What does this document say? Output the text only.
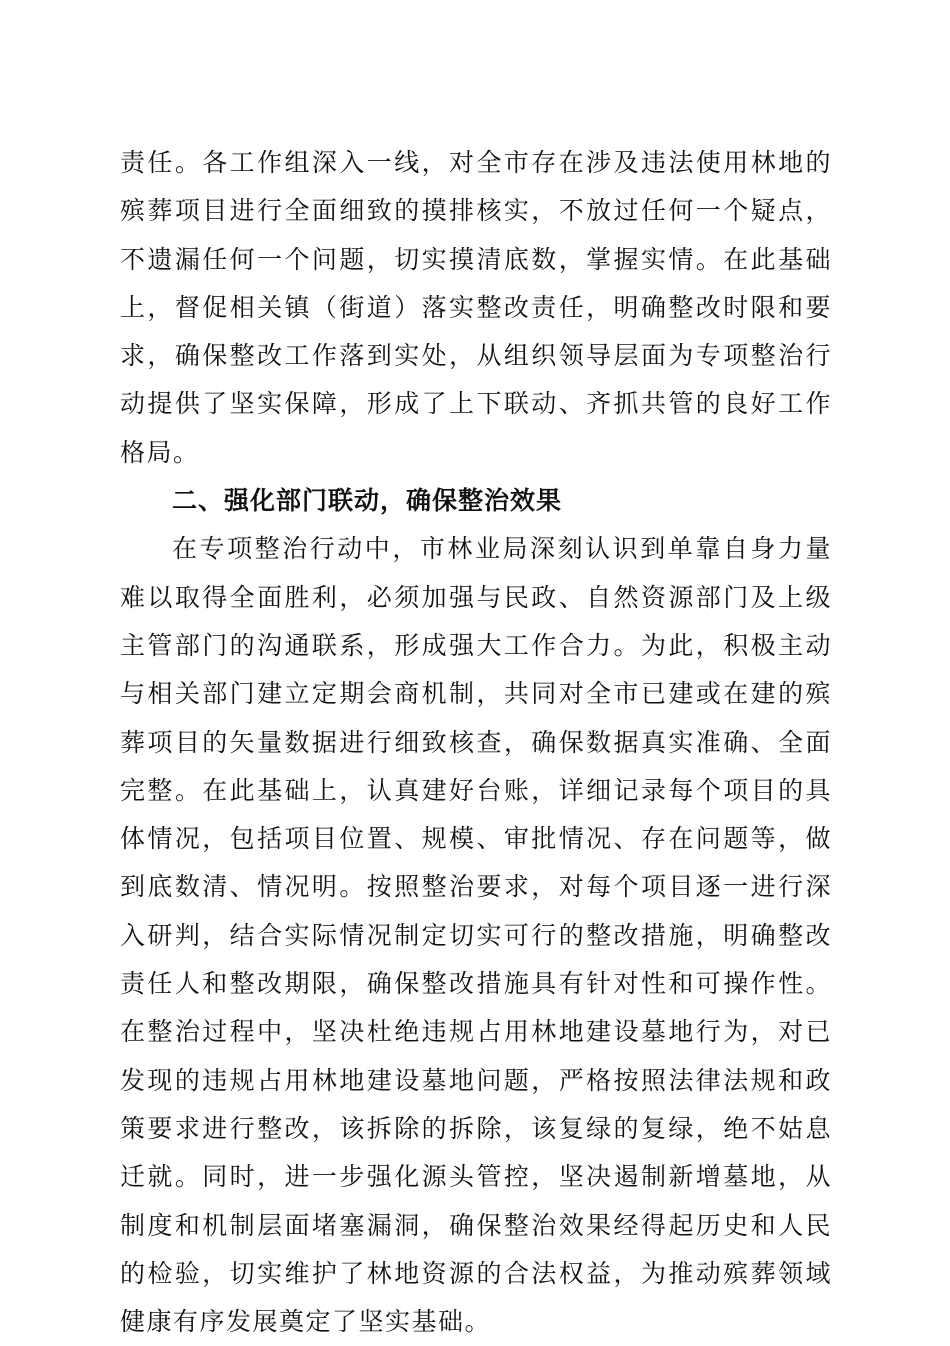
责任。各工作组深入一线，对全市存在涉及违法使用林地的殡葬项目进行全面细致的摸排核实，不放过任何一个疑点，不遗漏任何一个问题，切实摸清底数，掌握实情。在此基础上，督促相关镇（街道）落实整改责任，明确整改时限和要求，确保整改工作落到实处，从组织领导层面为专项整治行动提供了坚实保障，形成了上下联动、齐抓共管的良好工作格局。

二、强化部门联动，确保整治效果

在专项整治行动中，市林业局深刻认识到单靠自身力量难以取得全面胜利，必须加强与民政、自然资源部门及上级主管部门的沟通联系，形成强大工作合力。为此，积极主动与相关部门建立定期会商机制，共同对全市已建或在建的殡葬项目的矢量数据进行细致核查，确保数据真实准确、全面完整。在此基础上，认真建好台账，详细记录每个项目的具体情况，包括项目位置、规模、审批情况、存在问题等，做到底数清、情况明。按照整治要求，对每个项目逐一进行深入研判，结合实际情况制定切实可行的整改措施，明确整改责任人和整改期限，确保整改措施具有针对性和可操作性。在整治过程中，坚决杜绝违规占用林地建设墓地行为，对已发现的违规占用林地建设墓地问题，严格按照法律法规和政策要求进行整改，该拆除的拆除，该复绿的复绿，绝不姑息迁就。同时，进一步强化源头管控，坚决遏制新增墓地，从制度和机制层面堵塞漏洞，确保整治效果经得起历史和人民的检验，切实维护了林地资源的合法权益，为推动殡葬领域健康有序发展奠定了坚实基础。
